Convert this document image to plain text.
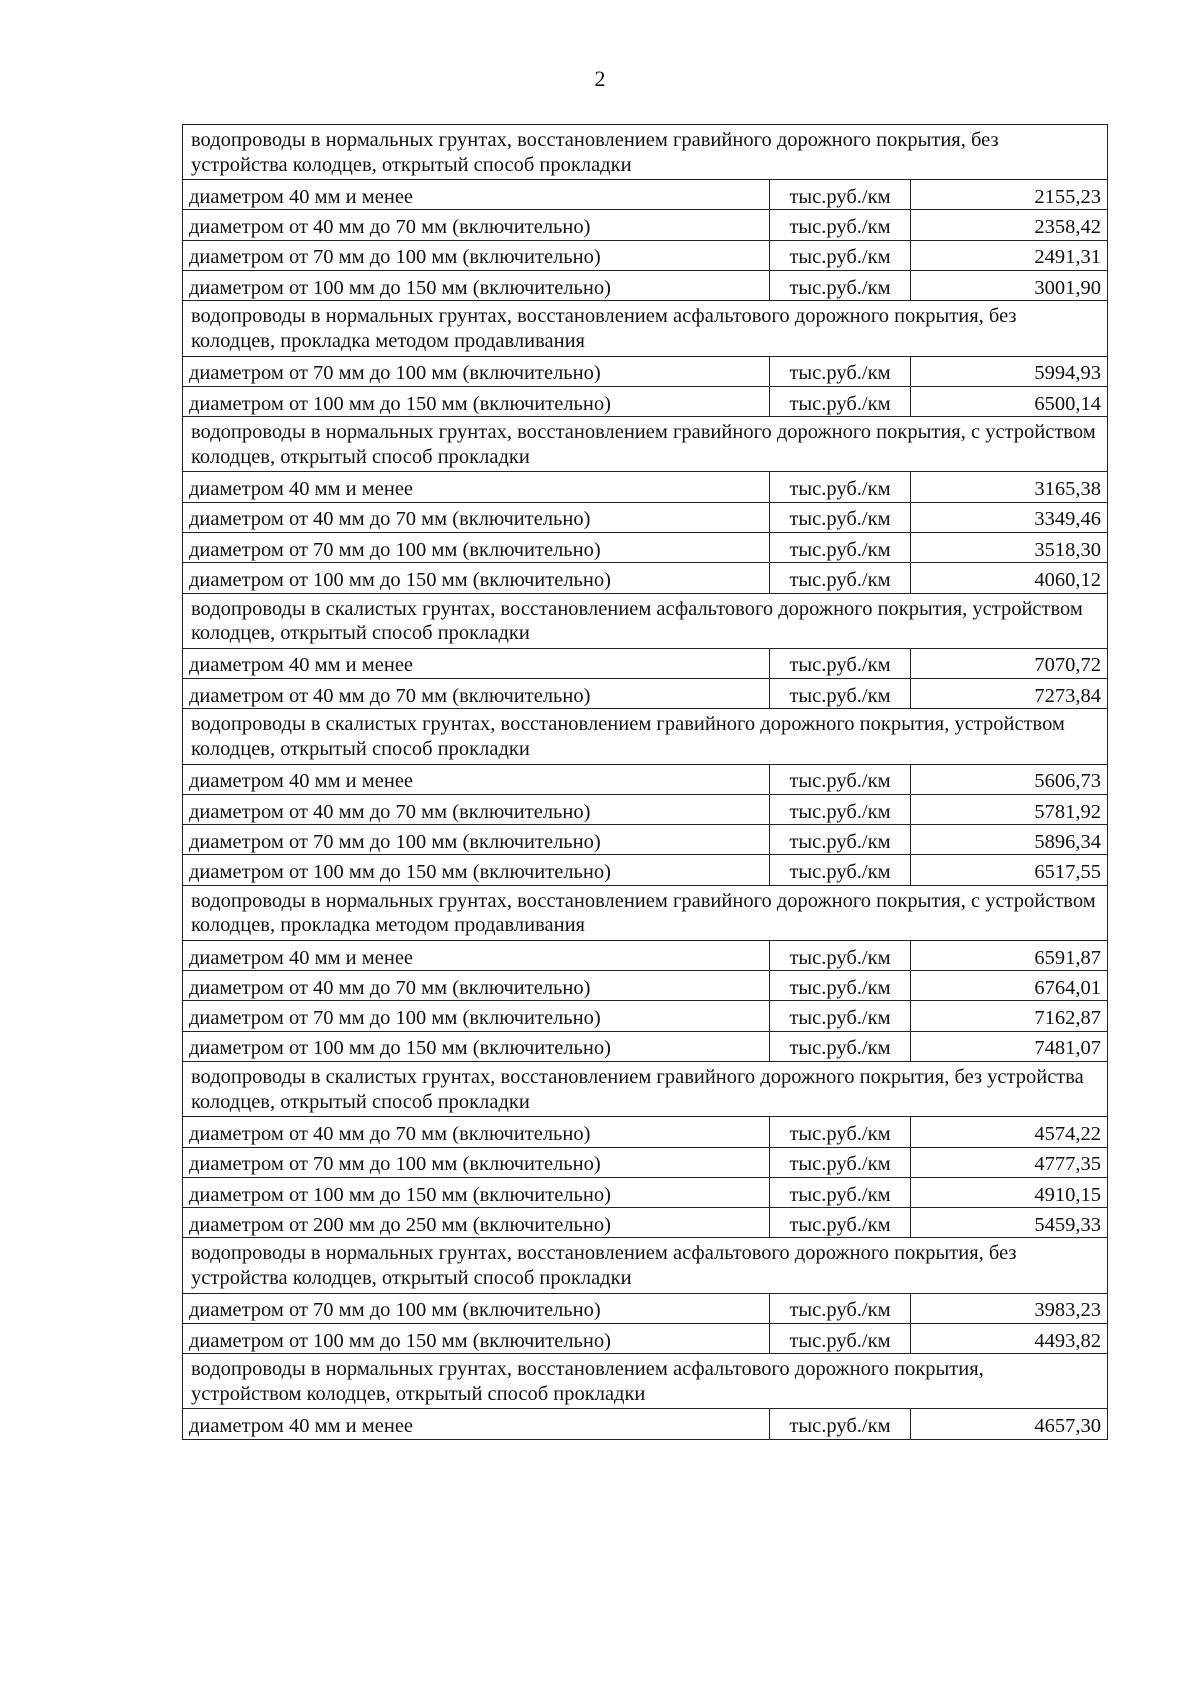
2
водопроводы в нормальных грунтах, восстановлением гравийного дорожного покрытия, без устройства колодцев, открытый способ прокладки		
диаметром 40 мм и менее	тыс.руб./км	2155,23
диаметром от 40 мм до 70 мм (включительно)	тыс.руб./км	2358,42
диаметром от 70 мм до 100 мм (включительно)	тыс.руб./км	2491,31
диаметром от 100 мм до 150 мм (включительно)	тыс.руб./км	3001,90
водопроводы в нормальных грунтах, восстановлением асфальтового дорожного покрытия, без колодцев, прокладка методом продавливания		
диаметром от 70 мм до 100 мм (включительно)	тыс.руб./км	5994,93
диаметром от 100 мм до 150 мм (включительно)	тыс.руб./км	6500,14
водопроводы в нормальных грунтах, восстановлением гравийного дорожного покрытия, с устройством колодцев, открытый способ прокладки		
диаметром 40 мм и менее	тыс.руб./км	3165,38
диаметром от 40 мм до 70 мм (включительно)	тыс.руб./км	3349,46
диаметром от 70 мм до 100 мм (включительно)	тыс.руб./км	3518,30
диаметром от 100 мм до 150 мм (включительно)	тыс.руб./км	4060,12
водопроводы в скалистых грунтах, восстановлением асфальтового дорожного покрытия, устройством колодцев, открытый способ прокладки		
диаметром 40 мм и менее	тыс.руб./км	7070,72
диаметром от 40 мм до 70 мм (включительно)	тыс.руб./км	7273,84
водопроводы в скалистых грунтах, восстановлением гравийного дорожного покрытия, устройством колодцев, открытый способ прокладки		
диаметром 40 мм и менее	тыс.руб./км	5606,73
диаметром от 40 мм до 70 мм (включительно)	тыс.руб./км	5781,92
диаметром от 70 мм до 100 мм (включительно)	тыс.руб./км	5896,34
диаметром от 100 мм до 150 мм (включительно)	тыс.руб./км	6517,55
водопроводы в нормальных грунтах, восстановлением гравийного дорожного покрытия, с устройством колодцев, прокладка методом продавливания		
диаметром 40 мм и менее	тыс.руб./км	6591,87
диаметром от 40 мм до 70 мм (включительно)	тыс.руб./км	6764,01
диаметром от 70 мм до 100 мм (включительно)	тыс.руб./км	7162,87
диаметром от 100 мм до 150 мм (включительно)	тыс.руб./км	7481,07
водопроводы в скалистых грунтах, восстановлением гравийного дорожного покрытия, без устройства колодцев, открытый способ прокладки		
диаметром от 40 мм до 70 мм (включительно)	тыс.руб./км	4574,22
диаметром от 70 мм до 100 мм (включительно)	тыс.руб./км	4777,35
диаметром от 100 мм до 150 мм (включительно)	тыс.руб./км	4910,15
диаметром от 200 мм до 250 мм (включительно)	тыс.руб./км	5459,33
водопроводы в нормальных грунтах, восстановлением асфальтового дорожного покрытия, без устройства колодцев, открытый способ прокладки		
диаметром от 70 мм до 100 мм (включительно)	тыс.руб./км	3983,23
диаметром от 100 мм до 150 мм (включительно)	тыс.руб./км	4493,82
водопроводы в нормальных грунтах, восстановлением асфальтового дорожного покрытия, устройством колодцев, открытый способ прокладки		
диаметром 40 мм и менее	тыс.руб./км	4657,30
